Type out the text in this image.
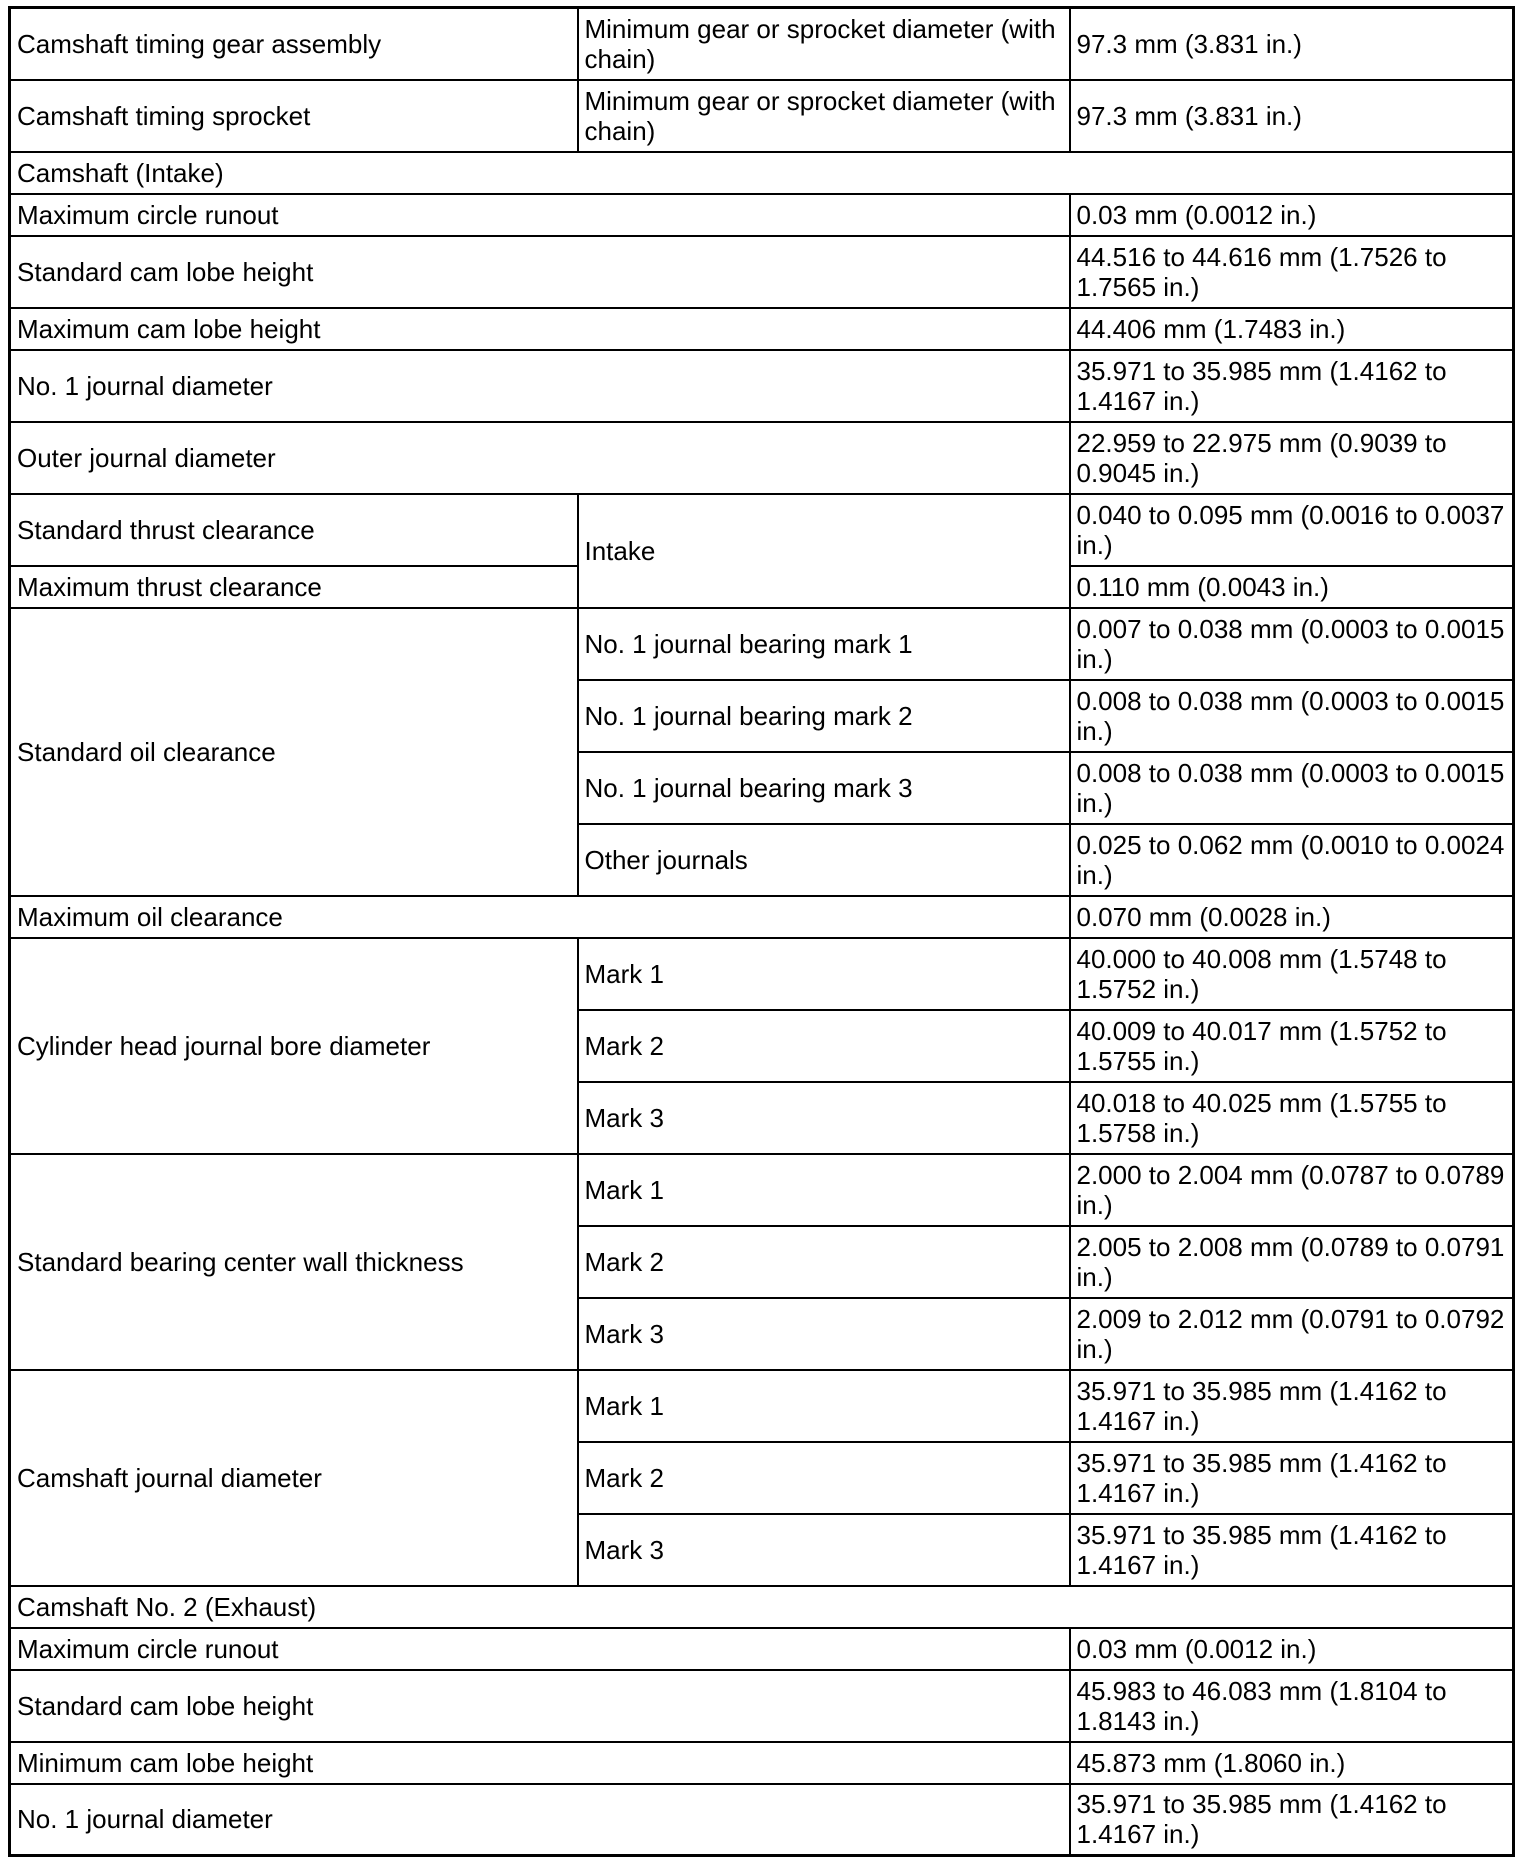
Camshaft timing gear assembly	Minimum gear or sprocket diameter (with chain)	97.3 mm (3.831 in.)
Camshaft timing sprocket	Minimum gear or sprocket diameter (with chain)	97.3 mm (3.831 in.)
Camshaft (Intake)		
Maximum circle runout		0.03 mm (0.0012 in.)
Standard cam lobe height		44.516 to 44.616 mm (1.7526 to 1.7565 in.)
Maximum cam lobe height		44.406 mm (1.7483 in.)
No. 1 journal diameter		35.971 to 35.985 mm (1.4162 to 1.4167 in.)
Outer journal diameter		22.959 to 22.975 mm (0.9039 to 0.9045 in.)
Standard thrust clearance	Intake	0.040 to 0.095 mm (0.0016 to 0.0037 in.)
Maximum thrust clearance		0.110 mm (0.0043 in.)
Standard oil clearance	No. 1 journal bearing mark 1	0.007 to 0.038 mm (0.0003 to 0.0015 in.)
	No. 1 journal bearing mark 2	0.008 to 0.038 mm (0.0003 to 0.0015 in.)
	No. 1 journal bearing mark 3	0.008 to 0.038 mm (0.0003 to 0.0015 in.)
	Other journals	0.025 to 0.062 mm (0.0010 to 0.0024 in.)
Maximum oil clearance		0.070 mm (0.0028 in.)
Cylinder head journal bore diameter	Mark 1	40.000 to 40.008 mm (1.5748 to 1.5752 in.)
	Mark 2	40.009 to 40.017 mm (1.5752 to 1.5755 in.)
	Mark 3	40.018 to 40.025 mm (1.5755 to 1.5758 in.)
Standard bearing center wall thickness	Mark 1	2.000 to 2.004 mm (0.0787 to 0.0789 in.)
	Mark 2	2.005 to 2.008 mm (0.0789 to 0.0791 in.)
	Mark 3	2.009 to 2.012 mm (0.0791 to 0.0792 in.)
Camshaft journal diameter	Mark 1	35.971 to 35.985 mm (1.4162 to 1.4167 in.)
	Mark 2	35.971 to 35.985 mm (1.4162 to 1.4167 in.)
	Mark 3	35.971 to 35.985 mm (1.4162 to 1.4167 in.)
Camshaft No. 2 (Exhaust)		
Maximum circle runout		0.03 mm (0.0012 in.)
Standard cam lobe height		45.983 to 46.083 mm (1.8104 to 1.8143 in.)
Minimum cam lobe height		45.873 mm (1.8060 in.)
No. 1 journal diameter		35.971 to 35.985 mm (1.4162 to 1.4167 in.)
